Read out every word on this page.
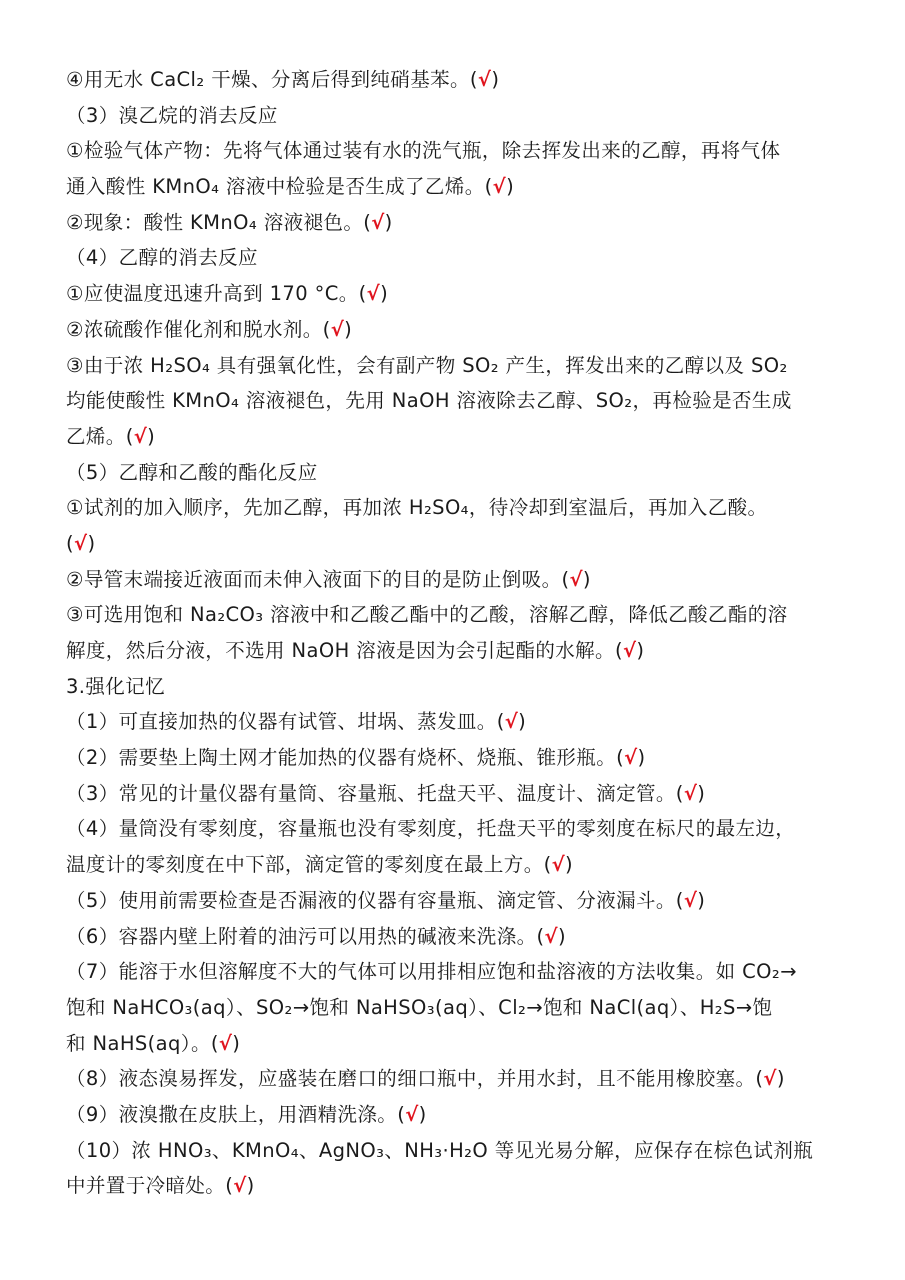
④用无水 CaCl₂ 干燥、分离后得到纯硝基苯。(√)
（3）溴乙烷的消去反应
①检验气体产物：先将气体通过装有水的洗气瓶，除去挥发出来的乙醇，再将气体
通入酸性 KMnO₄ 溶液中检验是否生成了乙烯。(√)
②现象：酸性 KMnO₄ 溶液褪色。(√)
（4）乙醇的消去反应
①应使温度迅速升高到 170 °C。(√)
②浓硫酸作催化剂和脱水剂。(√)
③由于浓 H₂SO₄ 具有强氧化性，会有副产物 SO₂ 产生，挥发出来的乙醇以及 SO₂
均能使酸性 KMnO₄ 溶液褪色，先用 NaOH 溶液除去乙醇、SO₂，再检验是否生成
乙烯。(√)
（5）乙醇和乙酸的酯化反应
①试剂的加入顺序，先加乙醇，再加浓 H₂SO₄，待冷却到室温后，再加入乙酸。
(√)
②导管末端接近液面而未伸入液面下的目的是防止倒吸。(√)
③可选用饱和 Na₂CO₃ 溶液中和乙酸乙酯中的乙酸，溶解乙醇，降低乙酸乙酯的溶
解度，然后分液，不选用 NaOH 溶液是因为会引起酯的水解。(√)
3.强化记忆
（1）可直接加热的仪器有试管、坩埚、蒸发皿。(√)
（2）需要垫上陶土网才能加热的仪器有烧杯、烧瓶、锥形瓶。(√)
（3）常见的计量仪器有量筒、容量瓶、托盘天平、温度计、滴定管。(√)
（4）量筒没有零刻度，容量瓶也没有零刻度，托盘天平的零刻度在标尺的最左边，
温度计的零刻度在中下部，滴定管的零刻度在最上方。(√)
（5）使用前需要检查是否漏液的仪器有容量瓶、滴定管、分液漏斗。(√)
（6）容器内壁上附着的油污可以用热的碱液来洗涤。(√)
（7）能溶于水但溶解度不大的气体可以用排相应饱和盐溶液的方法收集。如 CO₂→
饱和 NaHCO₃(aq）、SO₂→饱和 NaHSO₃(aq）、Cl₂→饱和 NaCl(aq）、H₂S→饱
和 NaHS(aq）。(√)
（8）液态溴易挥发，应盛装在磨口的细口瓶中，并用水封，且不能用橡胶塞。(√)
（9）液溴撒在皮肤上，用酒精洗涤。(√)
（10）浓 HNO₃、KMnO₄、AgNO₃、NH₃·H₂O 等见光易分解，应保存在棕色试剂瓶
中并置于冷暗处。(√)
